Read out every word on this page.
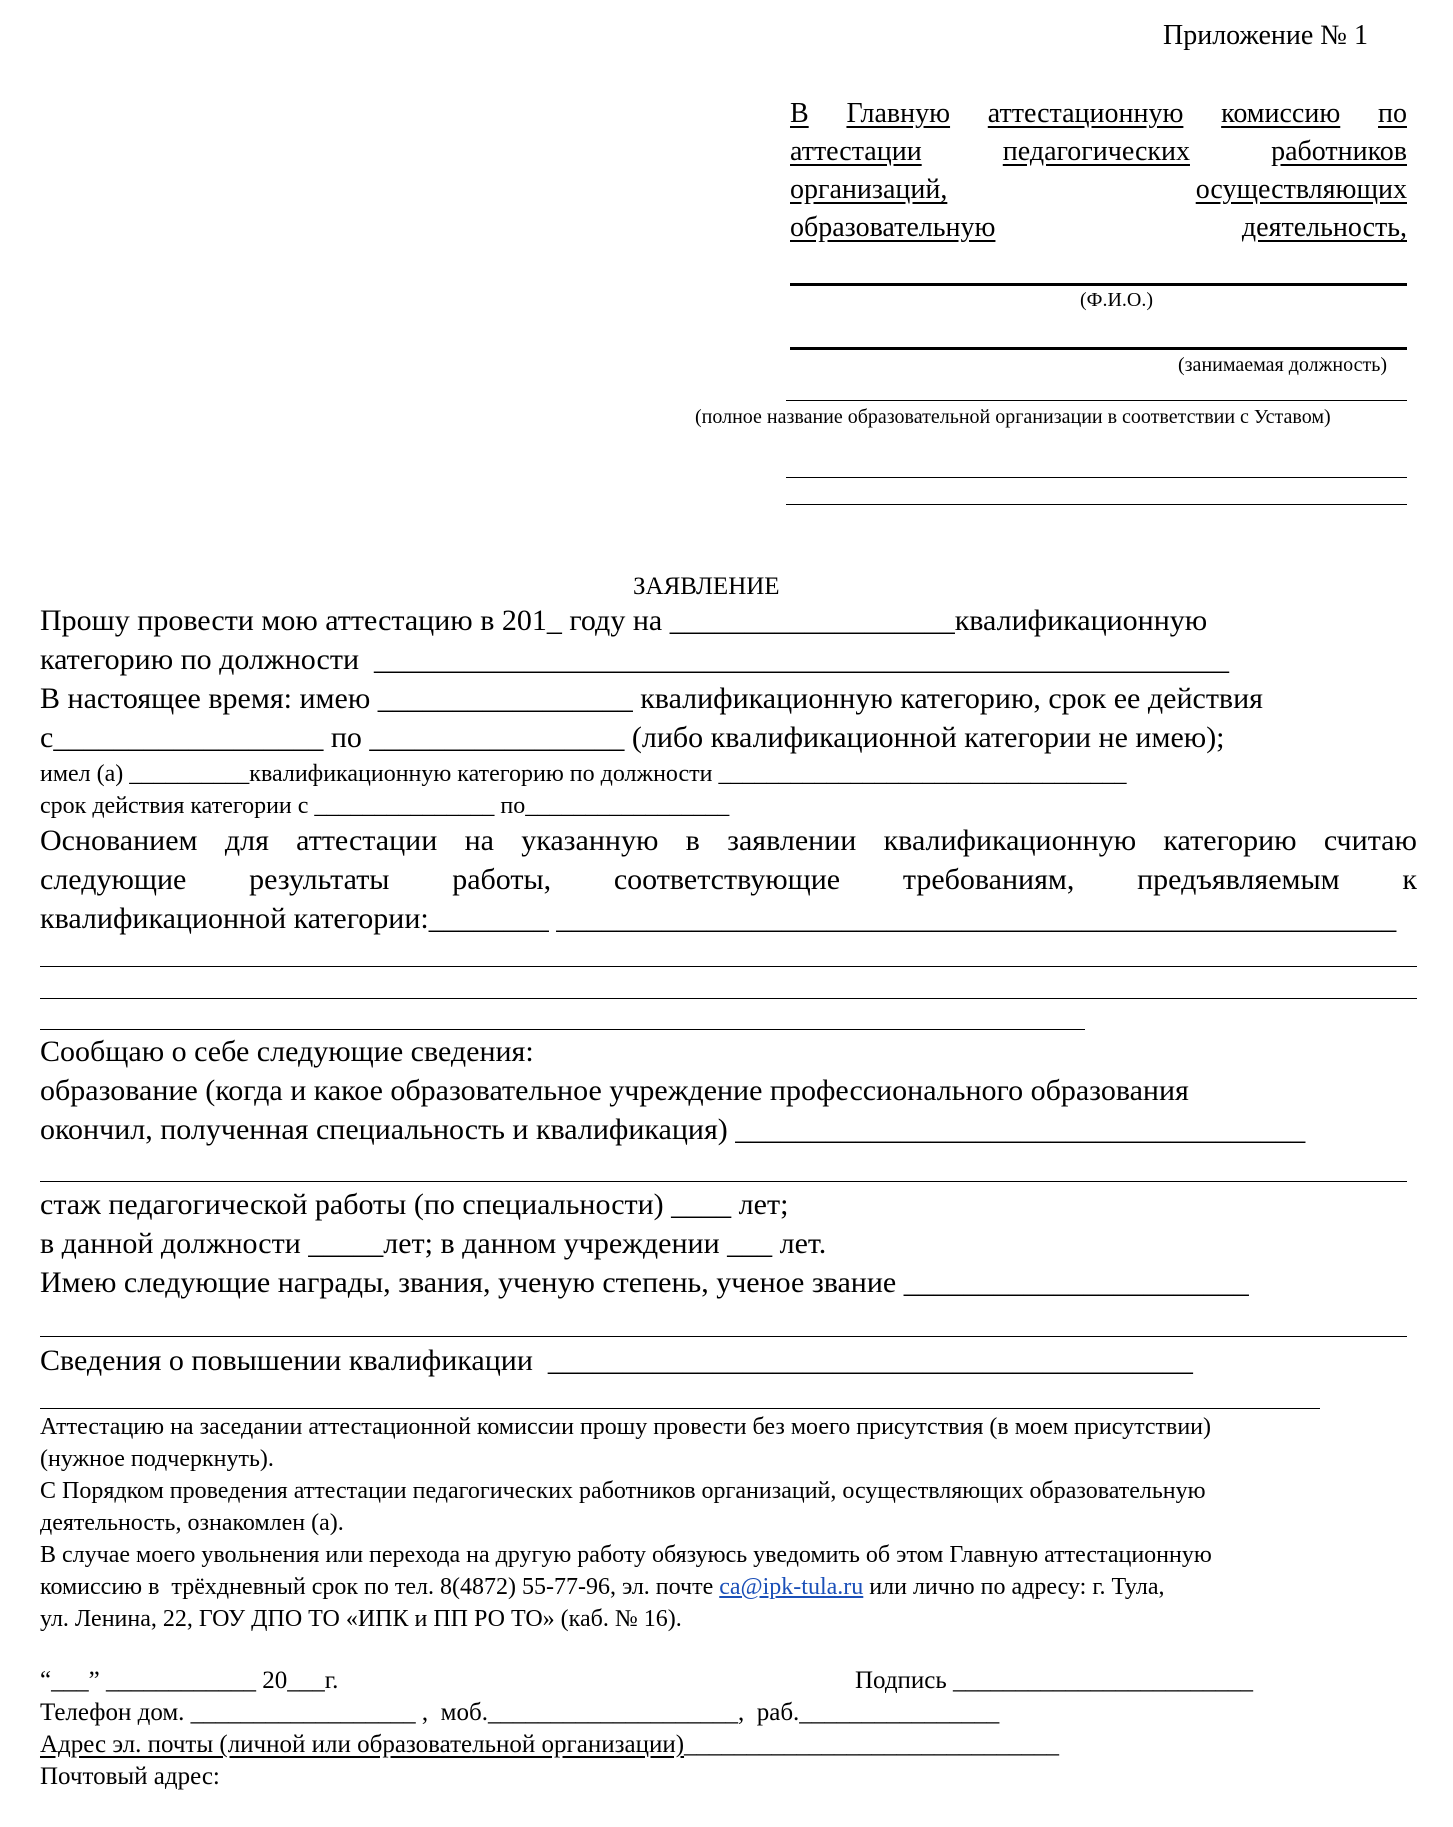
Приложение № 1
В Главную аттестационную комиссию по
аттестации	педагогических	работников
организаций,	осуществляющих
образовательную	деятельность,
(Ф.И.О.)
(занимаемая должность)
(полное название образовательной организации в соответствии с Уставом)
ЗАЯВЛЕНИЕ
Прошу провести мою аттестацию в 201_ году на ___________________квалификационную
категорию по должности  _________________________________________________________
В настоящее время: имею _________________ квалификационную категорию, срок ее действия
с__________________ по _________________ (либо квалификационной категории не имею);
имел (а) __________квалификационную категорию по должности __________________________________
срок действия категории с _______________ по_________________
Основанием для аттестации на указанную в заявлении квалификационную категорию считаю
следующие результаты работы, соответствующие требованиям, предъявляемым к
квалификационной категории:________ ________________________________________________________
Сообщаю о себе следующие сведения:
образование (когда и какое образовательное учреждение профессионального образования
окончил, полученная специальность и квалификация) ______________________________________
стаж педагогической работы (по специальности) ____ лет;
в данной должности _____лет; в данном учреждении ___ лет.
Имею следующие награды, звания, ученую степень, ученое звание _______________________
Сведения о повышении квалификации  ___________________________________________
Аттестацию на заседании аттестационной комиссии прошу провести без моего присутствия (в моем присутствии)
(нужное подчеркнуть).
С Порядком проведения аттестации педагогических работников организаций, осуществляющих образовательную
деятельность, ознакомлен (а).
В случае моего увольнения или перехода на другую работу обязуюсь уведомить об этом Главную аттестационную
комиссию в  трёхдневный срок по тел. 8(4872) 55-77-96, эл. почте ca@ipk-tula.ru или лично по адресу: г. Тула,
ул. Ленина, 22, ГОУ ДПО ТО «ИПК и ПП РО ТО» (каб. № 16).
“___” ____________ 20___г.	Подпись ________________________
Телефон дом. __________________ ,  моб.____________________,  раб.________________
Адрес эл. почты (личной или образовательной организации)______________________________
Почтовый адрес:
